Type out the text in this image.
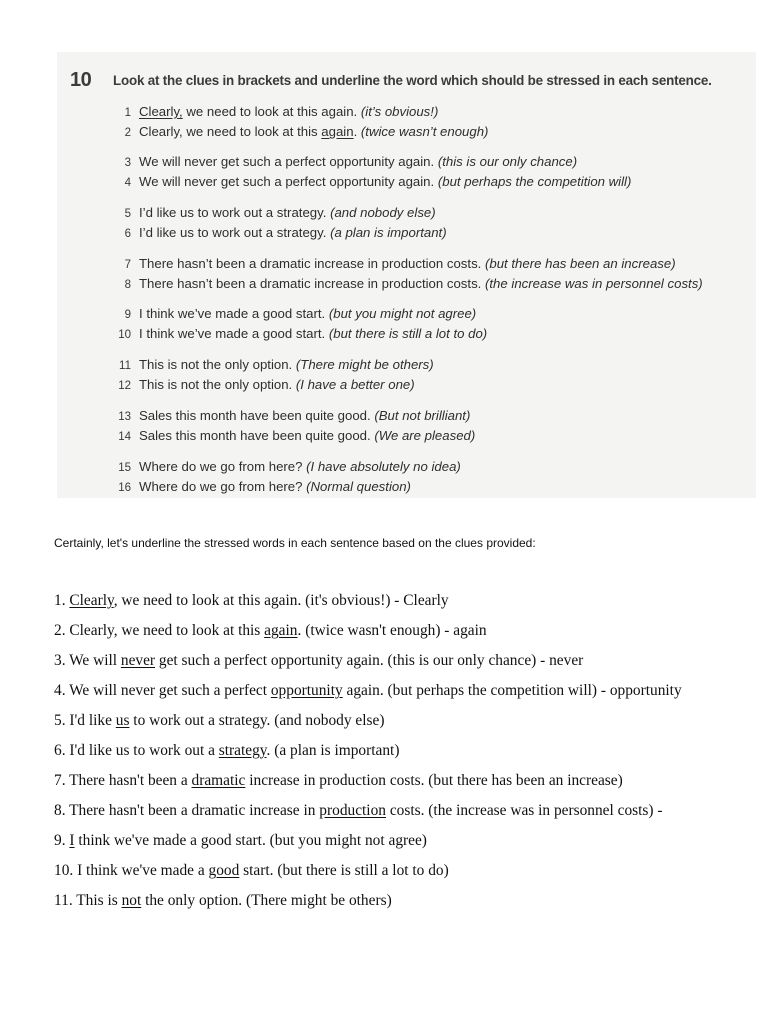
10 Look at the clues in brackets and underline the word which should be stressed in each sentence.
1 Clearly, we need to look at this again. (it’s obvious!)
2 Clearly, we need to look at this again. (twice wasn’t enough)
3 We will never get such a perfect opportunity again. (this is our only chance)
4 We will never get such a perfect opportunity again. (but perhaps the competition will)
5 I’d like us to work out a strategy. (and nobody else)
6 I’d like us to work out a strategy. (a plan is important)
7 There hasn’t been a dramatic increase in production costs. (but there has been an increase)
8 There hasn’t been a dramatic increase in production costs. (the increase was in personnel costs)
9 I think we’ve made a good start. (but you might not agree)
10 I think we’ve made a good start. (but there is still a lot to do)
11 This is not the only option. (There might be others)
12 This is not the only option. (I have a better one)
13 Sales this month have been quite good. (But not brilliant)
14 Sales this month have been quite good. (We are pleased)
15 Where do we go from here? (I have absolutely no idea)
16 Where do we go from here? (Normal question)
Certainly, let's underline the stressed words in each sentence based on the clues provided:

1. Clearly, we need to look at this again. (it's obvious!) - Clearly

2. Clearly, we need to look at this again. (twice wasn't enough) - again

3. We will never get such a perfect opportunity again. (this is our only chance) - never

4. We will never get such a perfect opportunity again. (but perhaps the competition will) - opportunity

5. I'd like us to work out a strategy. (and nobody else)

6. I'd like us to work out a strategy. (a plan is important)

7. There hasn't been a dramatic increase in production costs. (but there has been an increase)

8. There hasn't been a dramatic increase in production costs. (the increase was in personnel costs) -

9. I think we've made a good start. (but you might not agree)

10. I think we've made a good start. (but there is still a lot to do)

11. This is not the only option. (There might be others)
